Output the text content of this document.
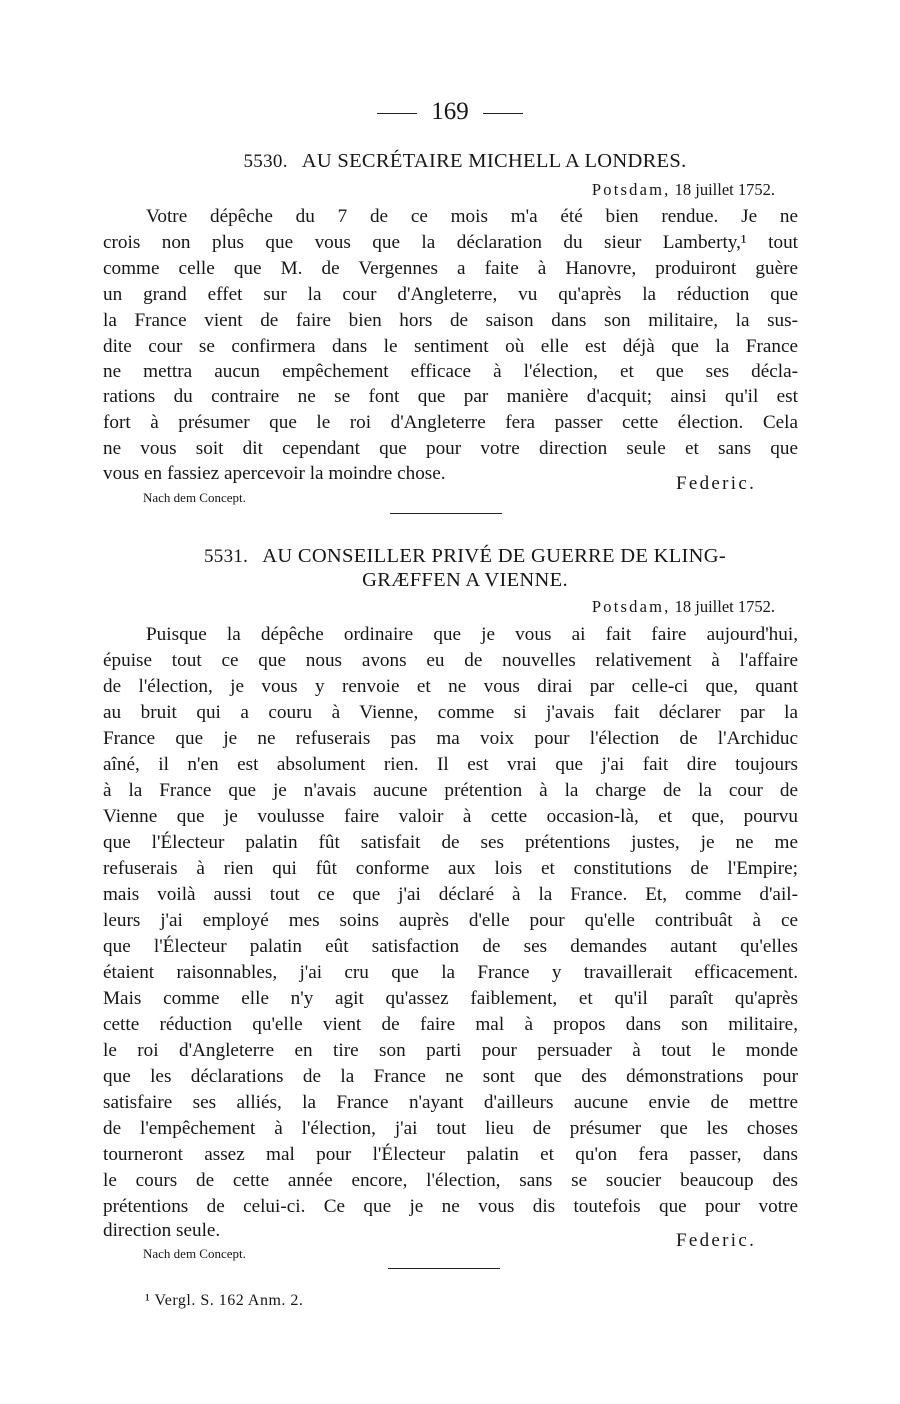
169
5530. AU SECRÉTAIRE MICHELL A LONDRES.
Potsdam, 18 juillet 1752.
Votre dépêche du 7 de ce mois m'a été bien rendue. Je ne
crois non plus que vous que la déclaration du sieur Lamberty,¹ tout
comme celle que M. de Vergennes a faite à Hanovre, produiront guère
un grand effet sur la cour d'Angleterre, vu qu'après la réduction que
la France vient de faire bien hors de saison dans son militaire, la sus-
dite cour se confirmera dans le sentiment où elle est déjà que la France
ne mettra aucun empêchement efficace à l'élection, et que ses décla-
rations du contraire ne se font que par manière d'acquit; ainsi qu'il est
fort à présumer que le roi d'Angleterre fera passer cette élection. Cela
ne vous soit dit cependant que pour votre direction seule et sans que
vous en fassiez apercevoir la moindre chose.	Federic.
Nach dem Concept.
5531. AU CONSEILLER PRIVÉ DE GUERRE DE KLING-
GRÆFFEN A VIENNE.
Potsdam, 18 juillet 1752.
Puisque la dépêche ordinaire que je vous ai fait faire aujourd'hui,
épuise tout ce que nous avons eu de nouvelles relativement à l'affaire
de l'élection, je vous y renvoie et ne vous dirai par celle-ci que, quant
au bruit qui a couru à Vienne, comme si j'avais fait déclarer par la
France que je ne refuserais pas ma voix pour l'élection de l'Archiduc
aîné, il n'en est absolument rien. Il est vrai que j'ai fait dire toujours
à la France que je n'avais aucune prétention à la charge de la cour de
Vienne que je voulusse faire valoir à cette occasion-là, et que, pourvu
que l'Électeur palatin fût satisfait de ses prétentions justes, je ne me
refuserais à rien qui fût conforme aux lois et constitutions de l'Empire;
mais voilà aussi tout ce que j'ai déclaré à la France. Et, comme d'ail-
leurs j'ai employé mes soins auprès d'elle pour qu'elle contribuât à ce
que l'Électeur palatin eût satisfaction de ses demandes autant qu'elles
étaient raisonnables, j'ai cru que la France y travaillerait efficacement.
Mais comme elle n'y agit qu'assez faiblement, et qu'il paraît qu'après
cette réduction qu'elle vient de faire mal à propos dans son militaire,
le roi d'Angleterre en tire son parti pour persuader à tout le monde
que les déclarations de la France ne sont que des démonstrations pour
satisfaire ses alliés, la France n'ayant d'ailleurs aucune envie de mettre
de l'empêchement à l'élection, j'ai tout lieu de présumer que les choses
tourneront assez mal pour l'Électeur palatin et qu'on fera passer, dans
le cours de cette année encore, l'élection, sans se soucier beaucoup des
prétentions de celui-ci. Ce que je ne vous dis toutefois que pour votre
direction seule.	Federic.
Nach dem Concept.
¹ Vergl. S. 162 Anm. 2.
